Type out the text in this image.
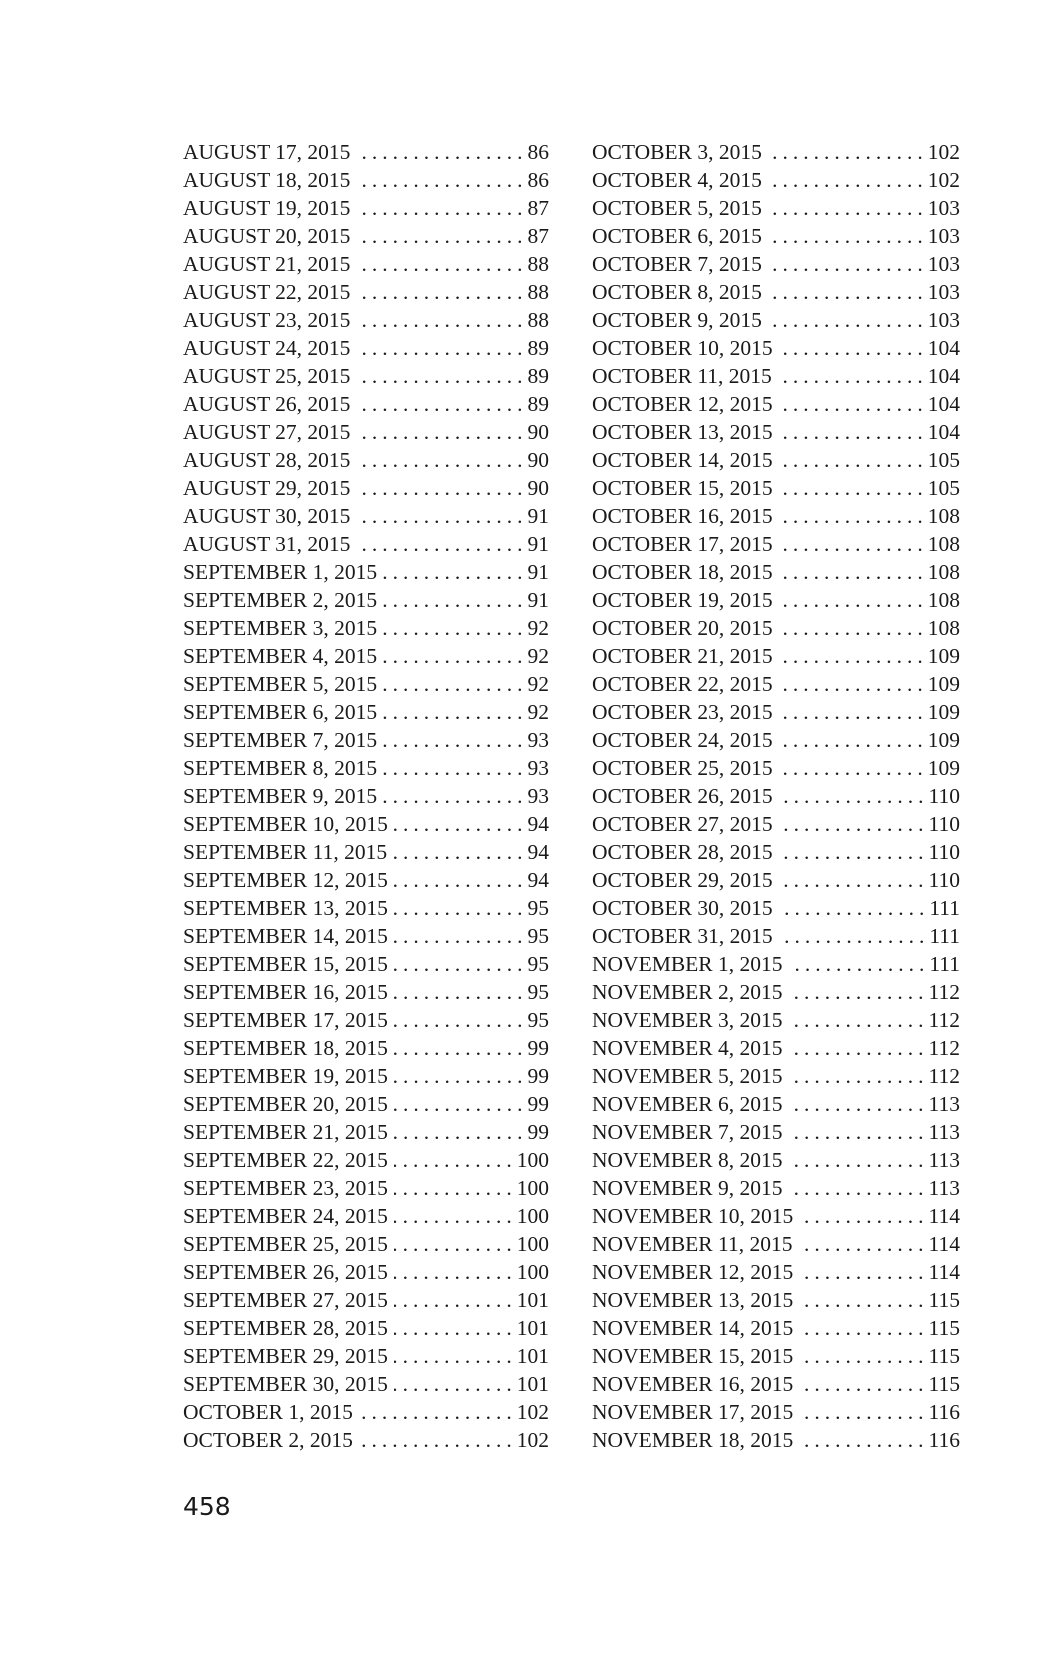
AUGUST 17, 2015 .....	86
AUGUST 18, 2015 .....	86
AUGUST 19, 2015 .....	87
AUGUST 20, 2015 .....	87
AUGUST 21, 2015 .....	88
AUGUST 22, 2015 .....	88
AUGUST 23, 2015 .....	88
AUGUST 24, 2015 .....	89
AUGUST 25, 2015 .....	89
AUGUST 26, 2015 .....	89
AUGUST 27, 2015 .....	90
AUGUST 28, 2015 .....	90
AUGUST 29, 2015 .....	90
AUGUST 30, 2015 .....	91
AUGUST 31, 2015 .....	91
SEPTEMBER 1, 2015 .....	91
SEPTEMBER 2, 2015 .....	91
SEPTEMBER 3, 2015 .....	92
SEPTEMBER 4, 2015 .....	92
SEPTEMBER 5, 2015 .....	92
SEPTEMBER 6, 2015 .....	92
SEPTEMBER 7, 2015 .....	93
SEPTEMBER 8, 2015 .....	93
SEPTEMBER 9, 2015 .....	93
SEPTEMBER 10, 2015 .....	94
SEPTEMBER 11, 2015 .....	94
SEPTEMBER 12, 2015 .....	94
SEPTEMBER 13, 2015 .....	95
SEPTEMBER 14, 2015 .....	95
SEPTEMBER 15, 2015 .....	95
SEPTEMBER 16, 2015 .....	95
SEPTEMBER 17, 2015 .....	95
SEPTEMBER 18, 2015 .....	99
SEPTEMBER 19, 2015 .....	99
SEPTEMBER 20, 2015 .....	99
SEPTEMBER 21, 2015 .....	99
SEPTEMBER 22, 2015 .....	100
SEPTEMBER 23, 2015 .....	100
SEPTEMBER 24, 2015 .....	100
SEPTEMBER 25, 2015 .....	100
SEPTEMBER 26, 2015 .....	100
SEPTEMBER 27, 2015 .....	101
SEPTEMBER 28, 2015 .....	101
SEPTEMBER 29, 2015 .....	101
SEPTEMBER 30, 2015 .....	101
OCTOBER 1, 2015 .....	102
OCTOBER 2, 2015 .....	102
OCTOBER 3, 2015 .....	102
OCTOBER 4, 2015 .....	102
OCTOBER 5, 2015 .....	103
OCTOBER 6, 2015 .....	103
OCTOBER 7, 2015 .....	103
OCTOBER 8, 2015 .....	103
OCTOBER 9, 2015 .....	103
OCTOBER 10, 2015 .....	104
OCTOBER 11, 2015 .....	104
OCTOBER 12, 2015 .....	104
OCTOBER 13, 2015 .....	104
OCTOBER 14, 2015 .....	105
OCTOBER 15, 2015 .....	105
OCTOBER 16, 2015 .....	108
OCTOBER 17, 2015 .....	108
OCTOBER 18, 2015 .....	108
OCTOBER 19, 2015 .....	108
OCTOBER 20, 2015 .....	108
OCTOBER 21, 2015 .....	109
OCTOBER 22, 2015 .....	109
OCTOBER 23, 2015 .....	109
OCTOBER 24, 2015 .....	109
OCTOBER 25, 2015 .....	109
OCTOBER 26, 2015 .....	110
OCTOBER 27, 2015 .....	110
OCTOBER 28, 2015 .....	110
OCTOBER 29, 2015 .....	110
OCTOBER 30, 2015 .....	111
OCTOBER 31, 2015 .....	111
NOVEMBER 1, 2015 .....	111
NOVEMBER 2, 2015 .....	112
NOVEMBER 3, 2015 .....	112
NOVEMBER 4, 2015 .....	112
NOVEMBER 5, 2015 .....	112
NOVEMBER 6, 2015 .....	113
NOVEMBER 7, 2015 .....	113
NOVEMBER 8, 2015 .....	113
NOVEMBER 9, 2015 .....	113
NOVEMBER 10, 2015 .....	114
NOVEMBER 11, 2015 .....	114
NOVEMBER 12, 2015 .....	114
NOVEMBER 13, 2015 .....	115
NOVEMBER 14, 2015 .....	115
NOVEMBER 15, 2015 .....	115
NOVEMBER 16, 2015 .....	115
NOVEMBER 17, 2015 .....	116
NOVEMBER 18, 2015 .....	116
458
